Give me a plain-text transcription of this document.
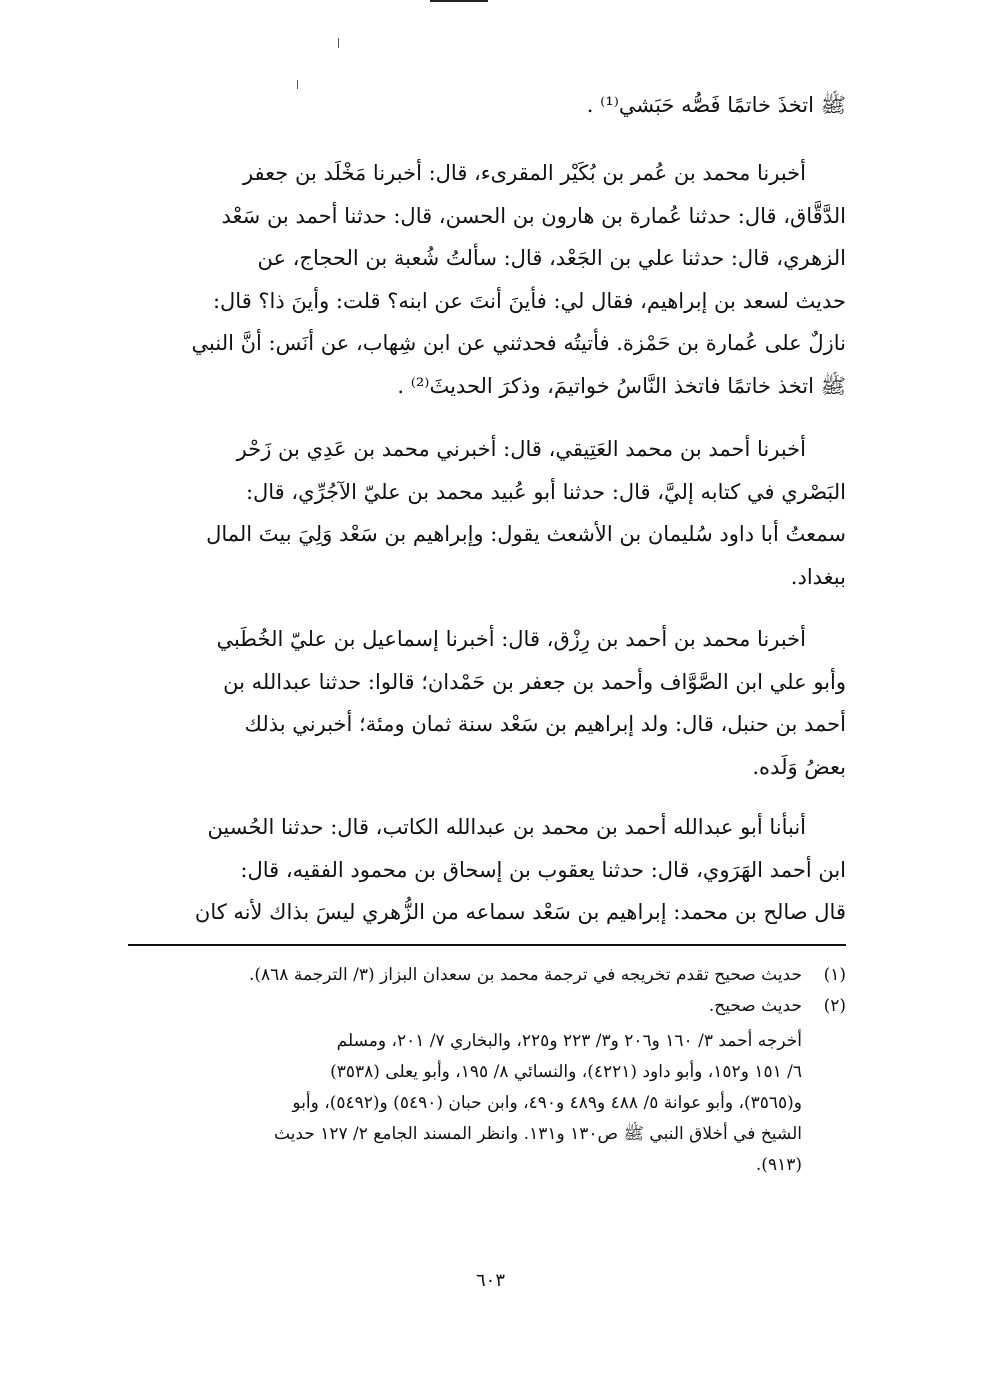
ﷺ اتخذَ خاتمًا فَصُّه حَبَشي⁽¹⁾ .
أخبرنا محمد بن عُمر بن بُكَيْر المقرىء، قال: أخبرنا مَخْلَد بن جعفر
الدَّقَّاق، قال: حدثنا عُمارة بن هارون بن الحسن، قال: حدثنا أحمد بن سَعْد
الزهري، قال: حدثنا علي بن الجَعْد، قال: سألتُ شُعبة بن الحجاج، عن
حديث لسعد بن إبراهيم، فقال لي: فأينَ أنتَ عن ابنه؟ قلت: وأينَ ذا؟ قال:
نازلٌ على عُمارة بن حَمْزة. فأتيتُه فحدثني عن ابن شِهاب، عن أنَس: أنَّ النبي
ﷺ اتخذ خاتمًا فاتخذ النَّاسُ خواتيمَ، وذكرَ الحديثَ⁽²⁾ .
أخبرنا أحمد بن محمد العَتِيقي، قال: أخبرني محمد بن عَدِي بن زَحْر
البَصْري في كتابه إليَّ، قال: حدثنا أبو عُبيد محمد بن عليّ الآجُرِّي، قال:
سمعتُ أبا داود سُليمان بن الأشعث يقول: وإبراهيم بن سَعْد وَلِيَ بيتَ المال
ببغداد.
أخبرنا محمد بن أحمد بن رِزْق، قال: أخبرنا إسماعيل بن عليّ الخُطَبي
وأبو علي ابن الصَّوَّاف وأحمد بن جعفر بن حَمْدان؛ قالوا: حدثنا عبدالله بن
أحمد بن حنبل، قال: ولد إبراهيم بن سَعْد سنة ثمان ومئة؛ أخبرني بذلك
بعضُ وَلَده.
أنبأنا أبو عبدالله أحمد بن محمد بن عبدالله الكاتب، قال: حدثنا الحُسين
ابن أحمد الهَرَوي، قال: حدثنا يعقوب بن إسحاق بن محمود الفقيه، قال:
قال صالح بن محمد: إبراهيم بن سَعْد سماعه من الزُّهري ليسَ بذاك لأنه كان
(١)
حديث صحيح تقدم تخريجه في ترجمة محمد بن سعدان البزاز (٣/ الترجمة ٨٦٨).
(٢)
حديث صحيح.
أخرجه أحمد ٣/ ١٦٠ و٢٠٦ و٣/ ٢٢٣ و٢٢٥، والبخاري ٧/ ٢٠١، ومسلم
٦/ ١٥١ و١٥٢، وأبو داود (٤٢٢١)، والنسائي ٨/ ١٩٥، وأبو يعلى (٣٥٣٨)
و(٣٥٦٥)، وأبو عوانة ٥/ ٤٨٨ و٤٨٩ و٤٩٠، وابن حبان (٥٤٩٠) و(٥٤٩٢)، وأبو
الشيخ في أخلاق النبي ﷺ ص١٣٠ و١٣١. وانظر المسند الجامع ٢/ ١٢٧ حديث
(٩١٣).
٦٠٣
